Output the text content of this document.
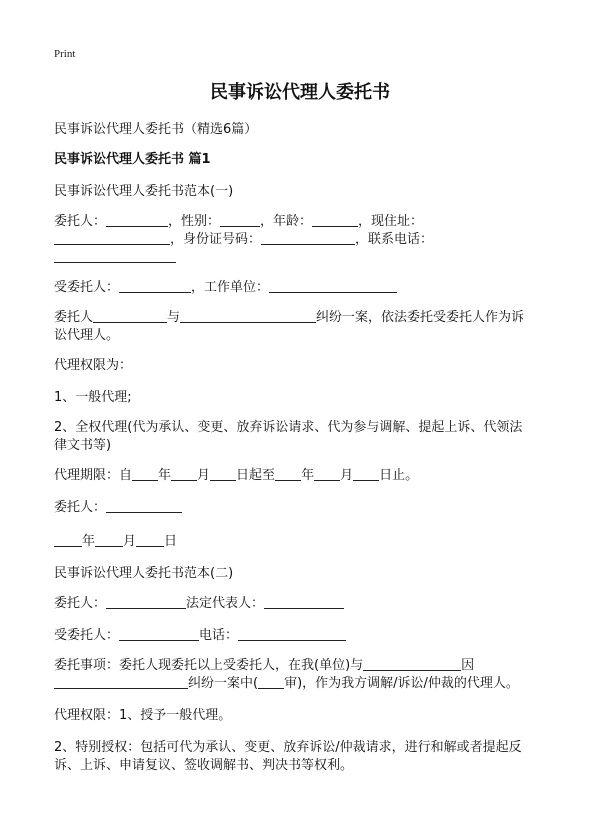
Print

民事诉讼代理人委托书

民事诉讼代理人委托书（精选6篇）

民事诉讼代理人委托书 篇1

民事诉讼代理人委托书范本(一)

委托人：	，性别：	，年龄：	，现住址：

，身份证号码：	，联系电话：

受委托人：	，工作单位：

委托人	与	纠纷一案，依法委托受委托人作为诉

讼代理人。

代理权限为：

1、一般代理;

2、全权代理(代为承认、变更、放弃诉讼请求、代为参与调解、提起上诉、代领法

律文书等)

代理期限：自 年 月 日起至 年 月 日止。

委托人：

年 月 日

民事诉讼代理人委托书范本(二)

委托人：	法定代表人：

受委托人：	电话：

委托事项：委托人现委托以上受委托人，在我(单位)与	因

纠纷一案中( 审)，作为我方调解/诉讼/仲裁的代理人。

代理权限：1、授予一般代理。

2、特别授权：包括可代为承认、变更、放弃诉讼/仲裁请求，进行和解或者提起反

诉、上诉、申请复议、签收调解书、判决书等权利。
